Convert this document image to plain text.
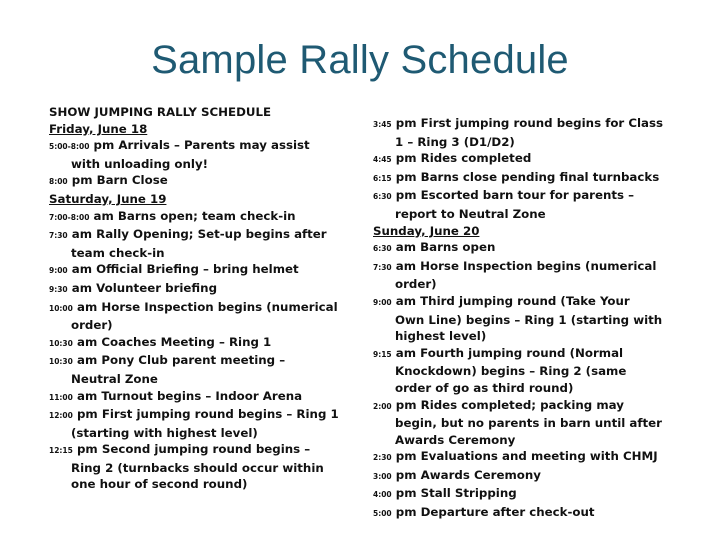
Sample Rally Schedule
SHOW JUMPING RALLY SCHEDULE
Friday, June 18
5:00-8:00 pm Arrivals – Parents may assist
with unloading only!
8:00 pm Barn Close
Saturday, June 19
7:00-8:00 am Barns open; team check-in
7:30 am Rally Opening; Set-up begins after
team check-in
9:00 am Official Briefing – bring helmet
9:30 am Volunteer briefing
10:00 am Horse Inspection begins (numerical
order)
10:30 am Coaches Meeting – Ring 1
10:30 am Pony Club parent meeting –
Neutral Zone
11:00 am Turnout begins – Indoor Arena
12:00 pm First jumping round begins – Ring 1
(starting with highest level)
12:15 pm Second jumping round begins –
Ring 2 (turnbacks should occur within
one hour of second round)
3:45 pm First jumping round begins for Class
1 – Ring 3 (D1/D2)
4:45 pm Rides completed
6:15 pm Barns close pending final turnbacks
6:30 pm Escorted barn tour for parents –
report to Neutral Zone
Sunday, June 20
6:30 am Barns open
7:30 am Horse Inspection begins (numerical
order)
9:00 am Third jumping round (Take Your
Own Line) begins – Ring 1 (starting with
highest level)
9:15 am Fourth jumping round (Normal
Knockdown) begins – Ring 2 (same
order of go as third round)
2:00 pm Rides completed; packing may
begin, but no parents in barn until after
Awards Ceremony
2:30 pm Evaluations and meeting with CHMJ
3:00 pm Awards Ceremony
4:00 pm Stall Stripping
5:00 pm Departure after check-out
